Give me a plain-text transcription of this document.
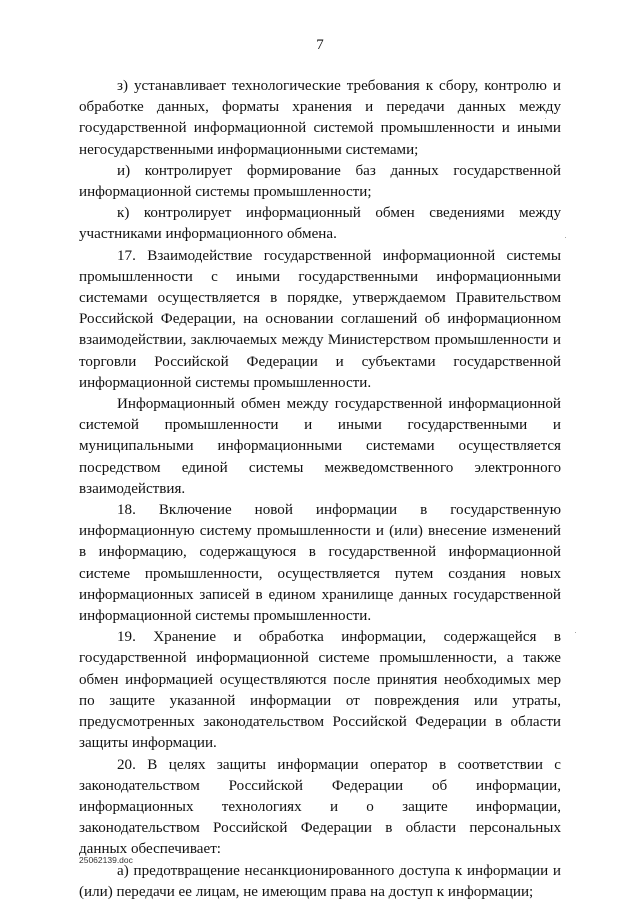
7

з) устанавливает технологические требования к сбору, контролю и обработке данных, форматы хранения и передачи данных между государственной информационной системой промышленности и иными негосударственными информационными системами;

и) контролирует формирование баз данных государственной информационной системы промышленности;

к) контролирует информационный обмен сведениями между участниками информационного обмена.

17. Взаимодействие государственной информационной системы промышленности с иными государственными информационными системами осуществляется в порядке, утверждаемом Правительством Российской Федерации, на основании соглашений об информационном взаимодействии, заключаемых между Министерством промышленности и торговли Российской Федерации и субъектами государственной информационной системы промышленности.

Информационный обмен между государственной информационной системой промышленности и иными государственными и муниципальными информационными системами осуществляется посредством единой системы межведомственного электронного взаимодействия.

18. Включение новой информации в государственную информационную систему промышленности и (или) внесение изменений в информацию, содержащуюся в государственной информационной системе промышленности, осуществляется путем создания новых информационных записей в едином хранилище данных государственной информационной системы промышленности.

19. Хранение и обработка информации, содержащейся в государственной информационной системе промышленности, а также обмен информацией осуществляются после принятия необходимых мер по защите указанной информации от повреждения или утраты, предусмотренных законодательством Российской Федерации в области защиты информации.

20. В целях защиты информации оператор в соответствии с законодательством Российской Федерации об информации, информационных технологиях и о защите информации, законодательством Российской Федерации в области персональных данных обеспечивает:

а) предотвращение несанкционированного доступа к информации и (или) передачи ее лицам, не имеющим права на доступ к информации;

25062139.doc
